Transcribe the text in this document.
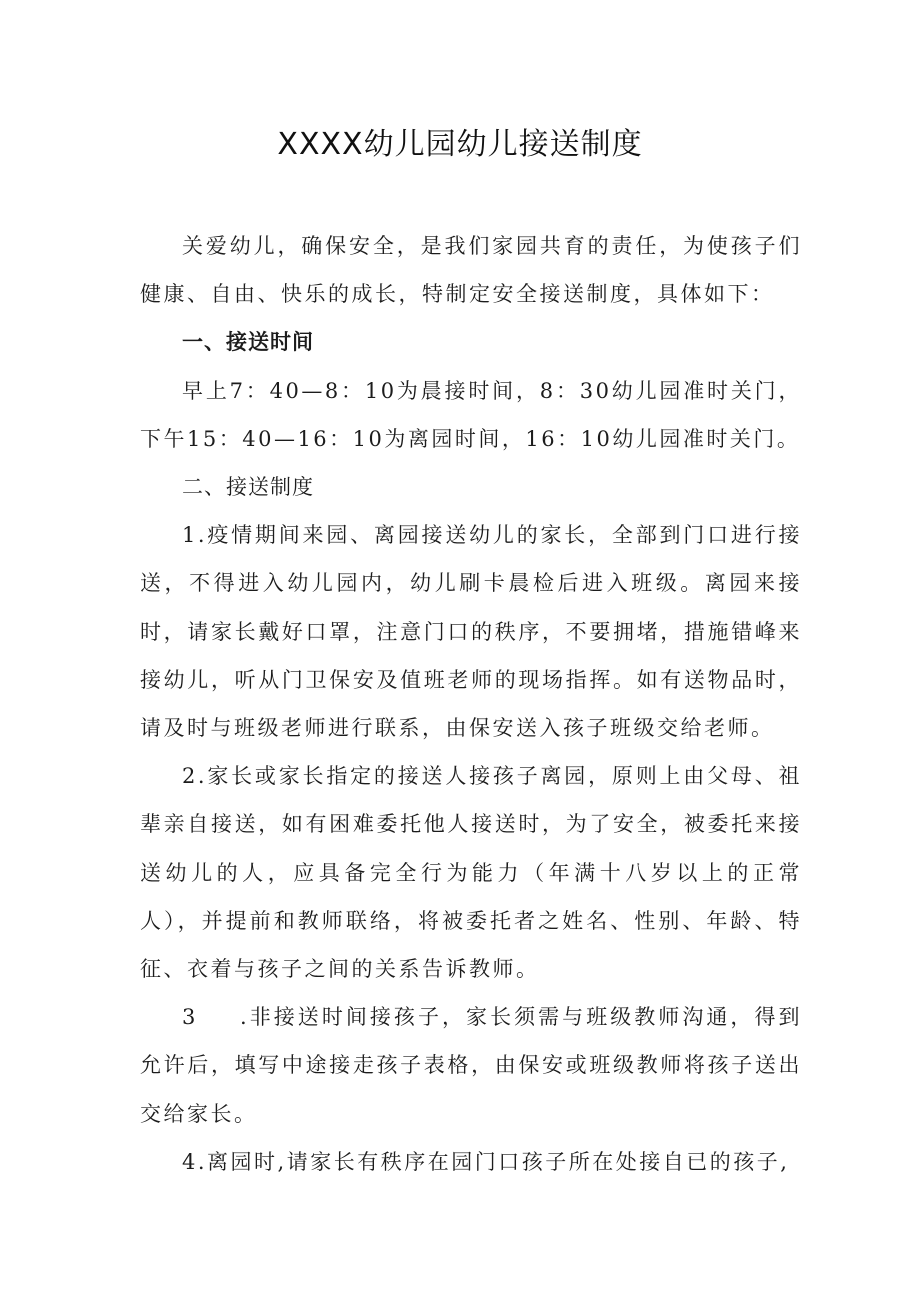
XXXX幼儿园幼儿接送制度

关爱幼儿，确保安全，是我们家园共育的责任，为使孩子们健康、自由、快乐的成长，特制定安全接送制度，具体如下：

一、接送时间

早上7：40—8：10为晨接时间，8：30幼儿园准时关门，下午15：40—16：10为离园时间，16：10幼儿园准时关门。

二、接送制度

1.疫情期间来园、离园接送幼儿的家长，全部到门口进行接送，不得进入幼儿园内，幼儿刷卡晨检后进入班级。离园来接时，请家长戴好口罩，注意门口的秩序，不要拥堵，措施错峰来接幼儿，听从门卫保安及值班老师的现场指挥。如有送物品时，请及时与班级老师进行联系，由保安送入孩子班级交给老师。

2.家长或家长指定的接送人接孩子离园，原则上由父母、祖辈亲自接送，如有困难委托他人接送时，为了安全，被委托来接送幼儿的人，应具备完全行为能力（年满十八岁以上的正常人），并提前和教师联络，将被委托者之姓名、性别、年龄、特征、衣着与孩子之间的关系告诉教师。

3 .非接送时间接孩子，家长须需与班级教师沟通，得到允许后，填写中途接走孩子表格，由保安或班级教师将孩子送出交给家长。

4.离园时,请家长有秩序在园门口孩子所在处接自已的孩子,
